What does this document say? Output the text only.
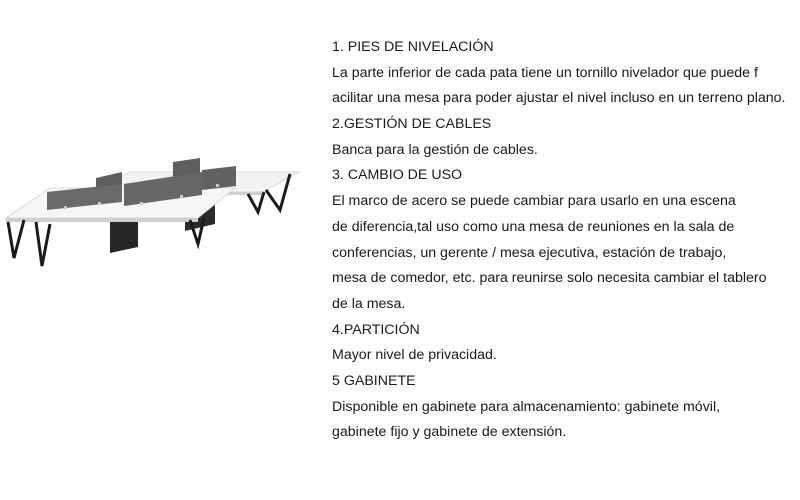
1. PIES DE NIVELACIÓN

La parte inferior de cada pata tiene un tornillo nivelador que puede f

acilitar una mesa para poder ajustar el nivel incluso en un terreno plano.

2.GESTIÓN DE CABLES

Banca para la gestión de cables.

3. CAMBIO DE USO

El marco de acero se puede cambiar para usarlo en una escena

de diferencia,tal uso como una mesa de reuniones en la sala de

conferencias, un gerente / mesa ejecutiva, estación de trabajo,

mesa de comedor, etc. para reunirse solo necesita cambiar el tablero

de la mesa.

4.PARTICIÓN

Mayor nivel de privacidad.

5 GABINETE

Disponible en gabinete para almacenamiento: gabinete móvil,

gabinete fijo y gabinete de extensión.
